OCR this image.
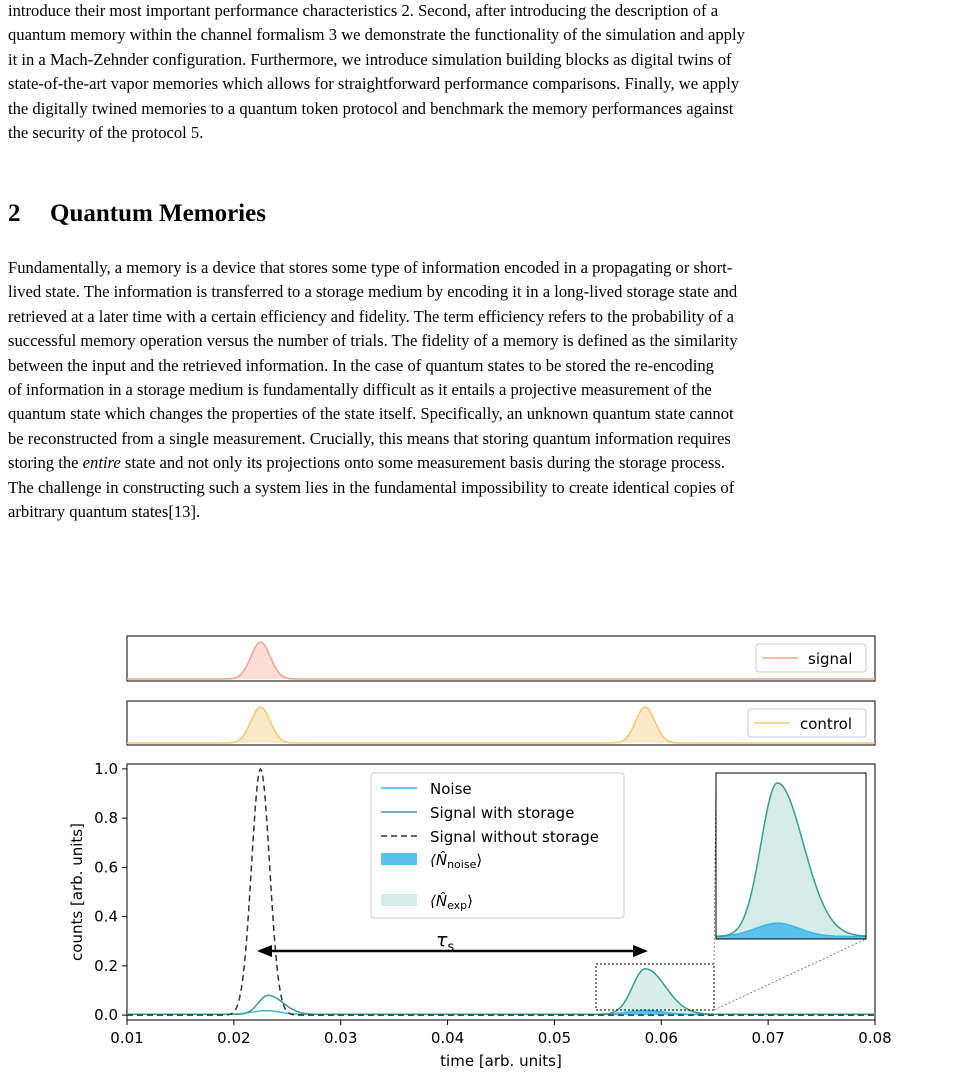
introduce their most important performance characteristics 2. Second, after introducing the description of a
quantum memory within the channel formalism 3 we demonstrate the functionality of the simulation and apply
it in a Mach-Zehnder configuration. Furthermore, we introduce simulation building blocks as digital twins of
state-of-the-art vapor memories which allows for straightforward performance comparisons. Finally, we apply
the digitally twined memories to a quantum token protocol and benchmark the memory performances against
the security of the protocol 5.

2 Quantum Memories

Fundamentally, a memory is a device that stores some type of information encoded in a propagating or short-
lived state. The information is transferred to a storage medium by encoding it in a long-lived storage state and
retrieved at a later time with a certain efficiency and fidelity. The term efficiency refers to the probability of a
successful memory operation versus the number of trials. The fidelity of a memory is defined as the similarity
between the input and the retrieved information. In the case of quantum states to be stored the re-encoding
of information in a storage medium is fundamentally difficult as it entails a projective measurement of the
quantum state which changes the properties of the state itself. Specifically, an unknown quantum state cannot
be reconstructed from a single measurement. Crucially, this means that storing quantum information requires
storing the entire state and not only its projections onto some measurement basis during the storage process.
The challenge in constructing such a system lies in the fundamental impossibility to create identical copies of
arbitrary quantum states[13].

signal
control
0.01	0.02	0.03	0.04	0.05	0.06	0.07	0.08
0.0
0.2
0.4
0.6
0.8
1.0
time [arb. units]
counts [arb. units]	$\tau_s$
Noise
Signal with storage
Signal without storage
$⟨N̂_{noise}⟩$
$⟨N̂_{exp}⟩$
